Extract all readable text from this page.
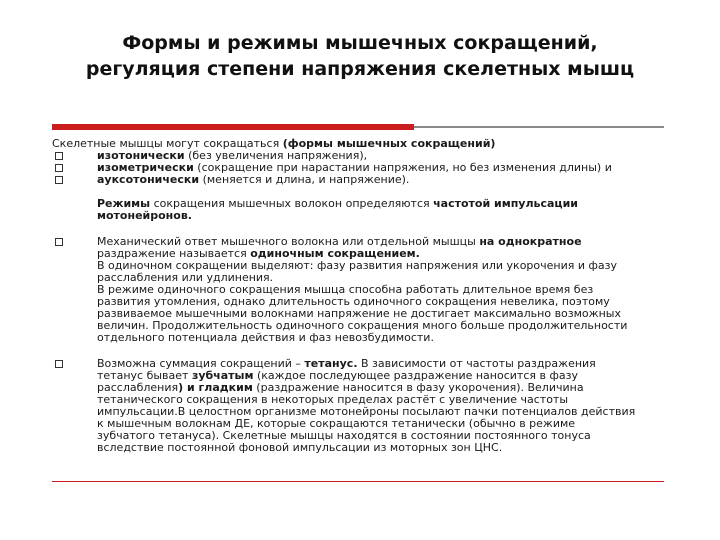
Формы и режимы мышечных сокращений,
регуляция степени напряжения скелетных мышц
Скелетные мышцы могут сокращаться (формы мышечных сокращений)
изотонически (без увеличения напряжения),
изометрически (сокращение при нарастании напряжения, но без изменения длины) и
ауксотонически (меняется и длина, и напряжение).
Режимы сокращения мышечных волокон определяются частотой импульсации
мотонейронов.
Механический ответ мышечного волокна или отдельной мышцы на однократное
раздражение называется одиночным сокращением.
В одиночном сокращении выделяют: фазу развития напряжения или укорочения и фазу
расслабления или удлинения.
В режиме одиночного сокращения мышца способна работать длительное время без
развития утомления, однако длительность одиночного сокращения невелика, поэтому
развиваемое мышечными волокнами напряжение не достигает максимально возможных
величин. Продолжительность одиночного сокращения много больше продолжительности
отдельного потенциала действия и фаз невозбудимости.
Возможна суммация сокращений – тетанус. В зависимости от частоты раздражения
тетанус бывает зубчатым (каждое последующее раздражение наносится в фазу
расслабления) и гладким (раздражение наносится в фазу укорочения). Величина
тетанического сокращения в некоторых пределах растёт с увеличение частоты
импульсации.В целостном организме мотонейроны посылают пачки потенциалов действия
к мышечным волокнам ДЕ, которые сокращаются тетанически (обычно в режиме
зубчатого тетануса). Скелетные мышцы находятся в состоянии постоянного тонуса
вследствие постоянной фоновой импульсации из моторных зон ЦНС.
